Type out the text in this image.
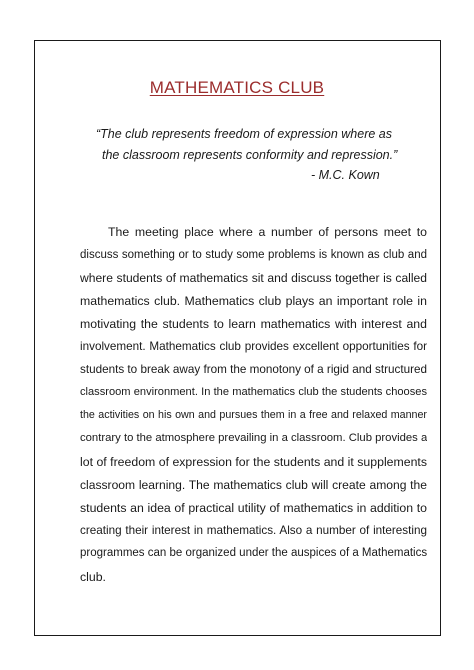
MATHEMATICS CLUB
“The club represents freedom of expression where as
the classroom represents conformity and repression.”
- M.C. Kown
The meeting place where a number of persons meet to
discuss something or to study some problems is known as club and
where students of mathematics sit and discuss together is called
mathematics club. Mathematics club plays an important role in
motivating the students to learn mathematics with interest and
involvement. Mathematics club provides excellent opportunities for
students to break away from the monotony of a rigid and structured
classroom environment. In the mathematics club the students chooses
the activities on his own and pursues them in a free and relaxed manner
contrary to the atmosphere prevailing in a classroom. Club provides a
lot of freedom of expression for the students and it supplements
classroom learning. The mathematics club will create among the
students an idea of practical utility of mathematics in addition to
creating their interest in mathematics. Also a number of interesting
programmes can be organized under the auspices of a Mathematics
club.
